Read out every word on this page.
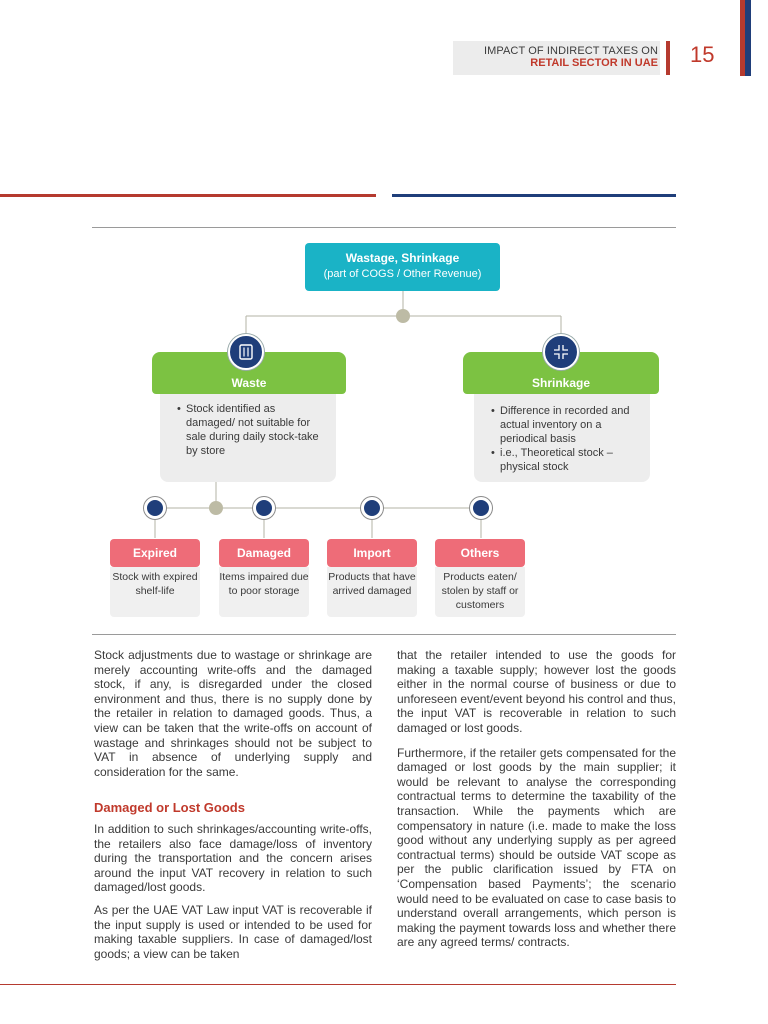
IMPACT OF INDIRECT TAXES ON
RETAIL SECTOR IN UAE 15
Wastage, Shrinkage
(part of COGS / Other Revenue)
• Stock identified as damaged/ not suitable for sale during daily stock-take by store
Waste
• Difference in recorded and actual inventory on a periodical basis
• i.e., Theoretical stock – physical stock
Shrinkage
Expired
Stock with expired shelf-life
Damaged
Items impaired due to poor storage
Import
Products that have arrived damaged
Others
Products eaten/ stolen by staff or customers

Stock adjustments due to wastage or shrinkage are merely accounting write-offs and the damaged stock, if any, is disregarded under the closed environment and thus, there is no supply done by the retailer in relation to damaged goods. Thus, a view can be taken that the write-offs on account of wastage and shrinkages should not be subject to VAT in absence of underlying supply and consideration for the same.

Damaged or Lost Goods

In addition to such shrinkages/accounting write-offs, the retailers also face damage/loss of inventory during the transportation and the concern arises around the input VAT recovery in relation to such damaged/lost goods.

As per the UAE VAT Law input VAT is recoverable if the input supply is used or intended to be used for making taxable suppliers. In case of damaged/lost goods; a view can be taken

that the retailer intended to use the goods for making a taxable supply; however lost the goods either in the normal course of business or due to unforeseen event/event beyond his control and thus, the input VAT is recoverable in relation to such damaged or lost goods.

Furthermore, if the retailer gets compensated for the damaged or lost goods by the main supplier; it would be relevant to analyse the corresponding contractual terms to determine the taxability of the transaction. While the payments which are compensatory in nature (i.e. made to make the loss good without any underlying supply as per agreed contractual terms) should be outside VAT scope as per the public clarification issued by FTA on ‘Compensation based Payments’; the scenario would need to be evaluated on case to case basis to understand overall arrangements, which person is making the payment towards loss and whether there are any agreed terms/ contracts.
